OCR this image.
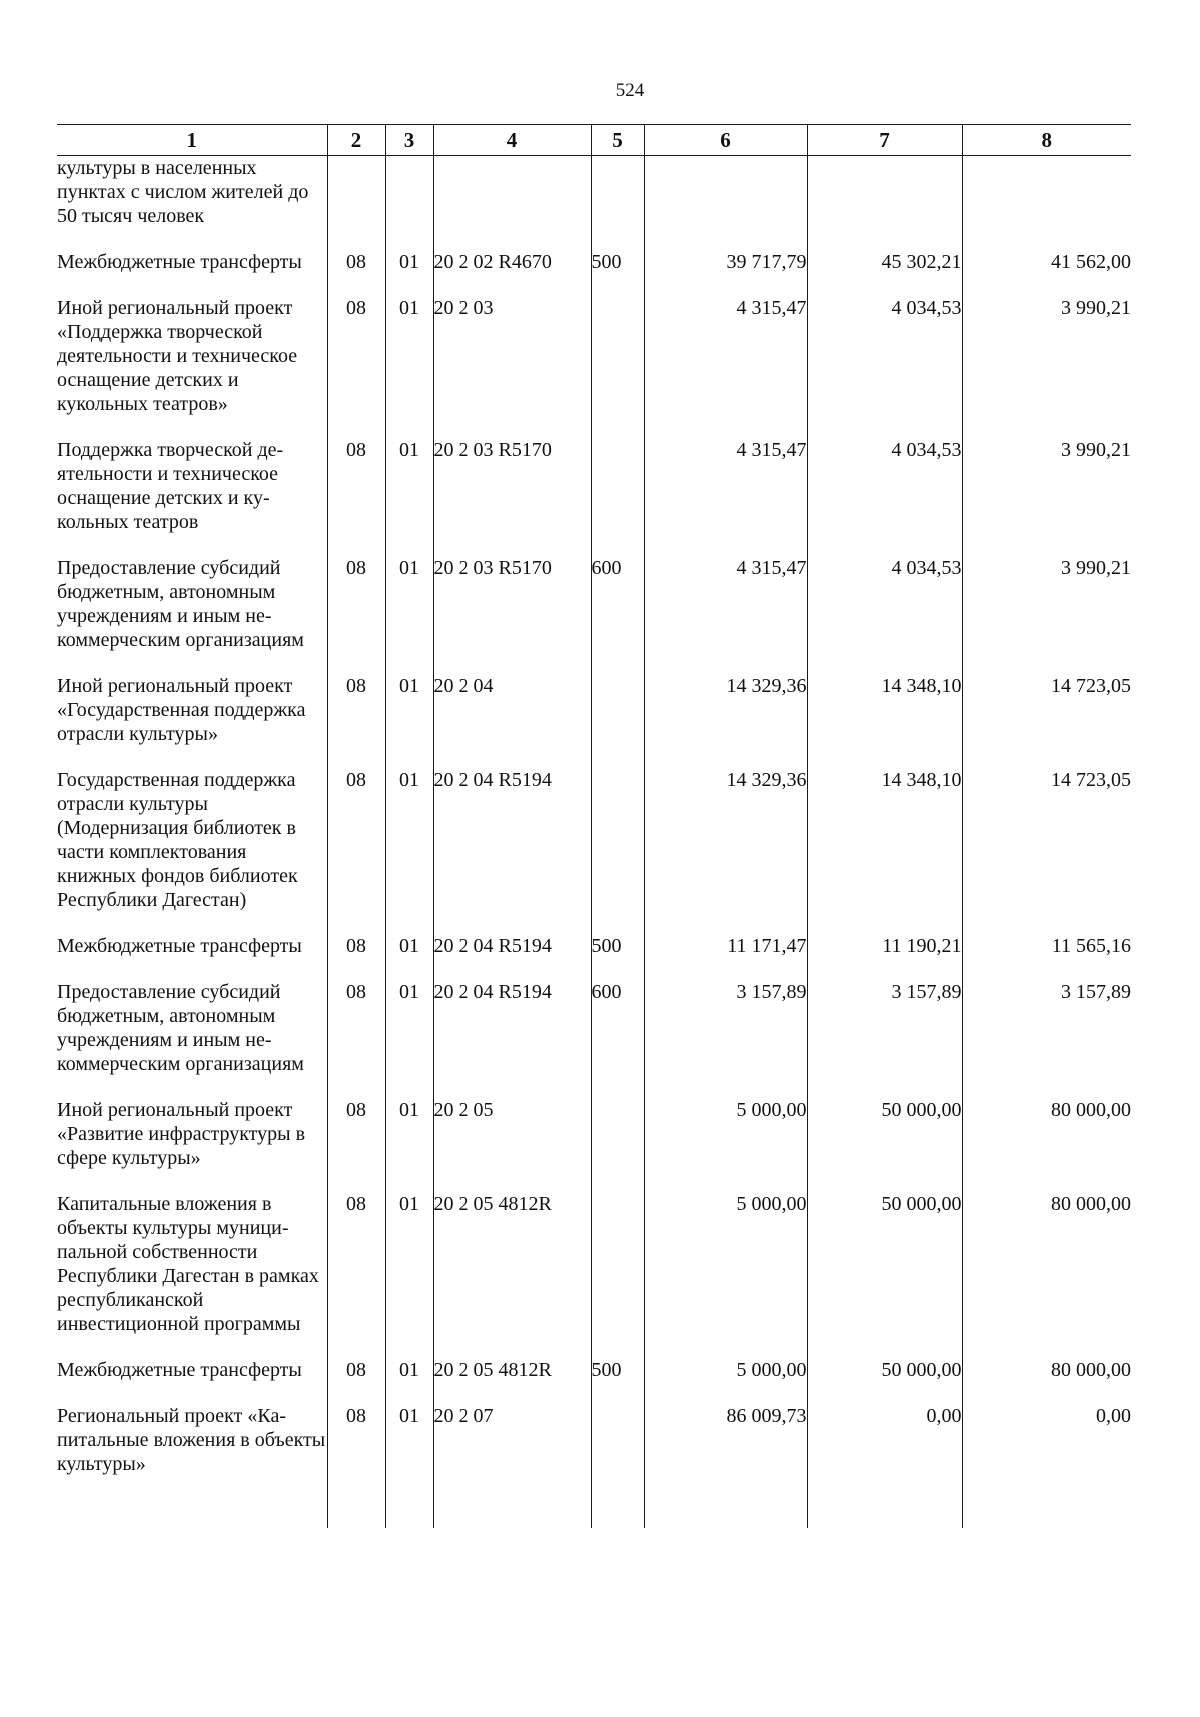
524
1	2	3	4	5	6	7	8
культуры в населенных пунктах с числом жителей до 50 тысяч человек							
Межбюджетные трансферты	08	01	20 2 02 R4670	500	39 717,79	45 302,21	41 562,00
Иной региональный проект «Поддержка творческой деятельности и техническое оснащение детских и кукольных театров»	08	01	20 2 03		4 315,47	4 034,53	3 990,21
Поддержка творческой деятельности и техническое оснащение детских и кукольных театров	08	01	20 2 03 R5170		4 315,47	4 034,53	3 990,21
Предоставление субсидий бюджетным, автономным учреждениям и иным некоммерческим организациям	08	01	20 2 03 R5170	600	4 315,47	4 034,53	3 990,21
Иной региональный проект «Государственная поддержка отрасли культуры»	08	01	20 2 04		14 329,36	14 348,10	14 723,05
Государственная поддержка отрасли культуры (Модернизация библиотек в части комплектования книжных фондов библиотек Республики Дагестан)	08	01	20 2 04 R5194		14 329,36	14 348,10	14 723,05
Межбюджетные трансферты	08	01	20 2 04 R5194	500	11 171,47	11 190,21	11 565,16
Предоставление субсидий бюджетным, автономным учреждениям и иным некоммерческим организациям	08	01	20 2 04 R5194	600	3 157,89	3 157,89	3 157,89
Иной региональный проект «Развитие инфраструктуры в сфере культуры»	08	01	20 2 05		5 000,00	50 000,00	80 000,00
Капитальные вложения в объекты культуры муниципальной собственности Республики Дагестан в рамках республиканской инвестиционной программы	08	01	20 2 05 4812R		5 000,00	50 000,00	80 000,00
Межбюджетные трансферты	08	01	20 2 05 4812R	500	5 000,00	50 000,00	80 000,00
Региональный проект «Капитальные вложения в объекты культуры»	08	01	20 2 07		86 009,73	0,00	0,00
